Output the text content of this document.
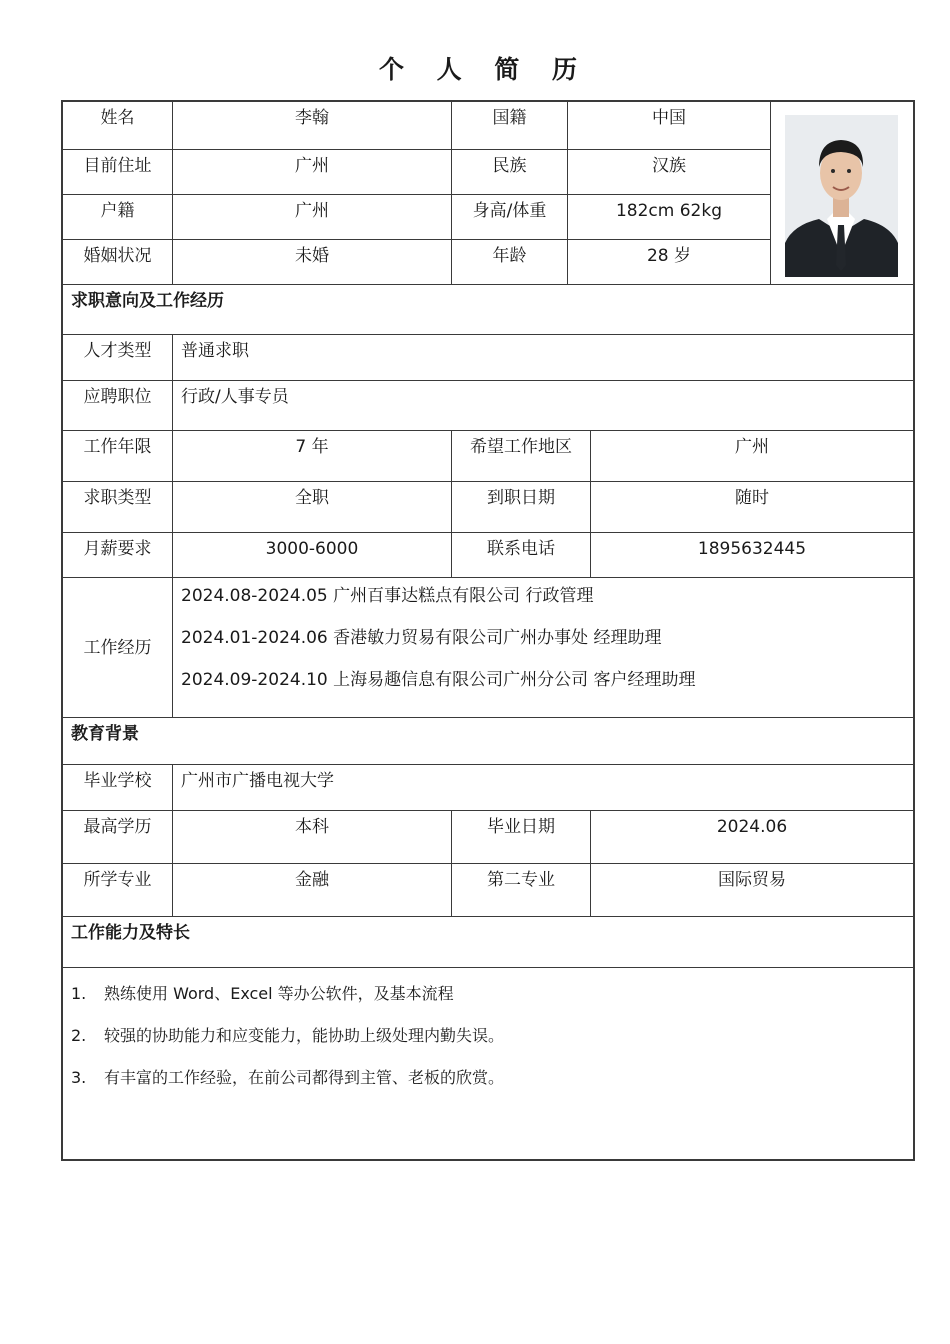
个 人 简 历
姓名	李翰	国籍	中国
目前住址	广州	民族	汉族
户籍	广州	身高/体重	182cm 62kg
婚姻状况	未婚	年龄	28 岁
求职意向及工作经历
人才类型	普通求职
应聘职位	行政/人事专员
工作年限	7 年	希望工作地区	广州
求职类型	全职	到职日期	随时
月薪要求	3000-6000	联系电话	1895632445
工作经历
2024.08-2024.05 广州百事达糕点有限公司 行政管理
2024.01-2024.06 香港敏力贸易有限公司广州办事处 经理助理
2024.09-2024.10 上海易趣信息有限公司广州分公司 客户经理助理
教育背景
毕业学校	广州市广播电视大学
最高学历	本科	毕业日期	2024.06
所学专业	金融	第二专业	国际贸易
工作能力及特长
1.	熟练使用 Word、Excel 等办公软件，及基本流程
2.	较强的协助能力和应变能力，能协助上级处理内勤失误。
3.	有丰富的工作经验，在前公司都得到主管、老板的欣赏。
